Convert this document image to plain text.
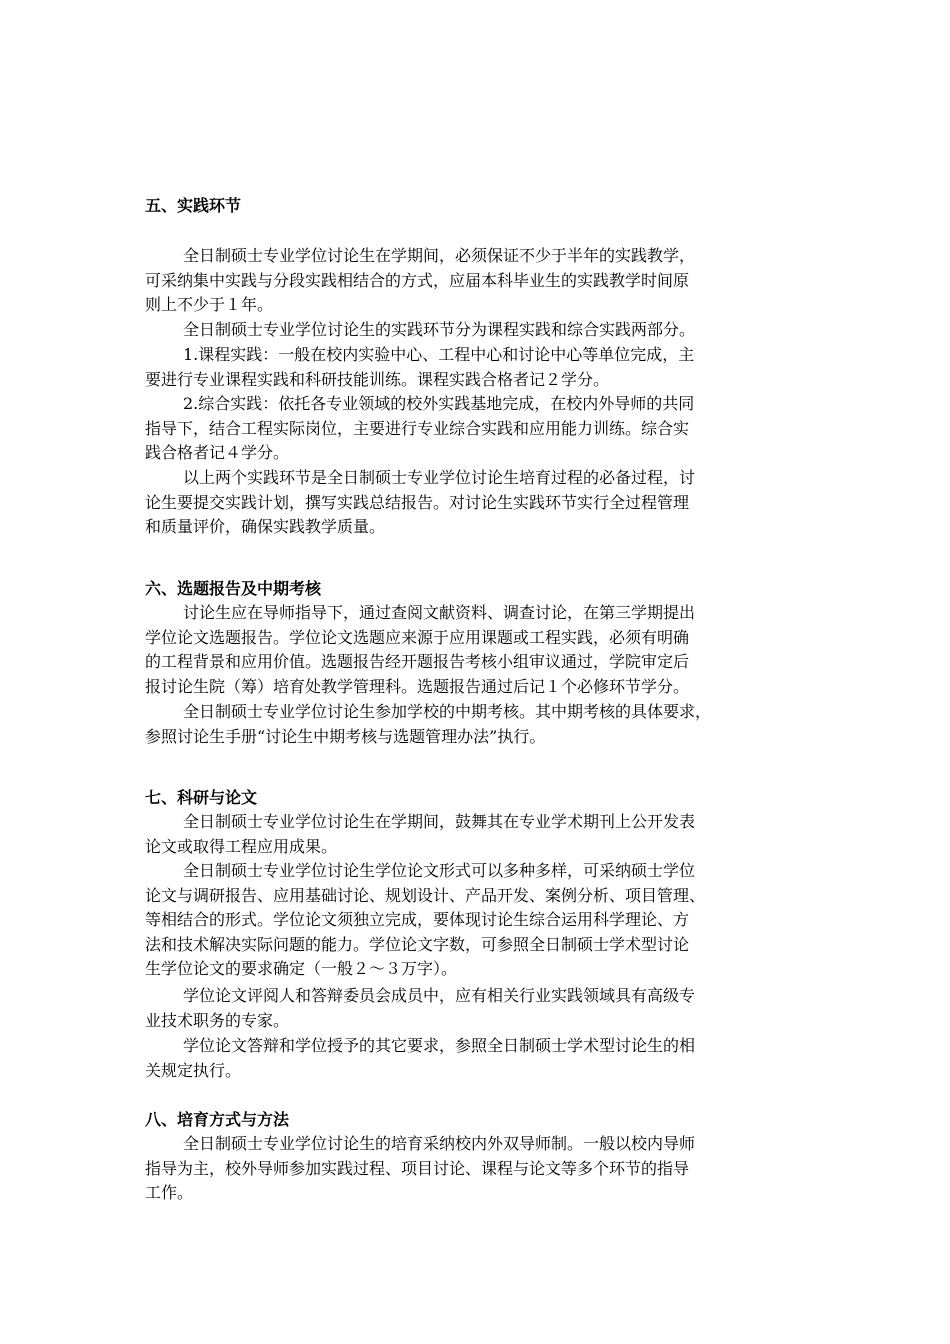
五、实践环节
全日制硕士专业学位讨论生在学期间，必须保证不少于半年的实践教学，
可采纳集中实践与分段实践相结合的方式，应届本科毕业生的实践教学时间原
则上不少于１年。
全日制硕士专业学位讨论生的实践环节分为课程实践和综合实践两部分。
1.课程实践：一般在校内实验中心、工程中心和讨论中心等单位完成，主
要进行专业课程实践和科研技能训练。课程实践合格者记２学分。
2.综合实践：依托各专业领域的校外实践基地完成，在校内外导师的共同
指导下，结合工程实际岗位，主要进行专业综合实践和应用能力训练。综合实
践合格者记４学分。
以上两个实践环节是全日制硕士专业学位讨论生培育过程的必备过程，讨
论生要提交实践计划，撰写实践总结报告。对讨论生实践环节实行全过程管理
和质量评价，确保实践教学质量。
六、选题报告及中期考核
讨论生应在导师指导下，通过查阅文献资料、调查讨论，在第三学期提出
学位论文选题报告。学位论文选题应来源于应用课题或工程实践，必须有明确
的工程背景和应用价值。选题报告经开题报告考核小组审议通过，学院审定后
报讨论生院（筹）培育处教学管理科。选题报告通过后记１个必修环节学分。
全日制硕士专业学位讨论生参加学校的中期考核。其中期考核的具体要求，
参照讨论生手册“讨论生中期考核与选题管理办法”执行。
七、科研与论文
全日制硕士专业学位讨论生在学期间，鼓舞其在专业学术期刊上公开发表
论文或取得工程应用成果。
全日制硕士专业学位讨论生学位论文形式可以多种多样，可采纳硕士学位
论文与调研报告、应用基础讨论、规划设计、产品开发、案例分析、项目管理、
等相结合的形式。学位论文须独立完成，要体现讨论生综合运用科学理论、方
法和技术解决实际问题的能力。学位论文字数，可参照全日制硕士学术型讨论
生学位论文的要求确定（一般２～３万字）。
学位论文评阅人和答辩委员会成员中，应有相关行业实践领域具有高级专
业技术职务的专家。
学位论文答辩和学位授予的其它要求，参照全日制硕士学术型讨论生的相
关规定执行。
八、培育方式与方法
全日制硕士专业学位讨论生的培育采纳校内外双导师制。一般以校内导师
指导为主，校外导师参加实践过程、项目讨论、课程与论文等多个环节的指导
工作。
